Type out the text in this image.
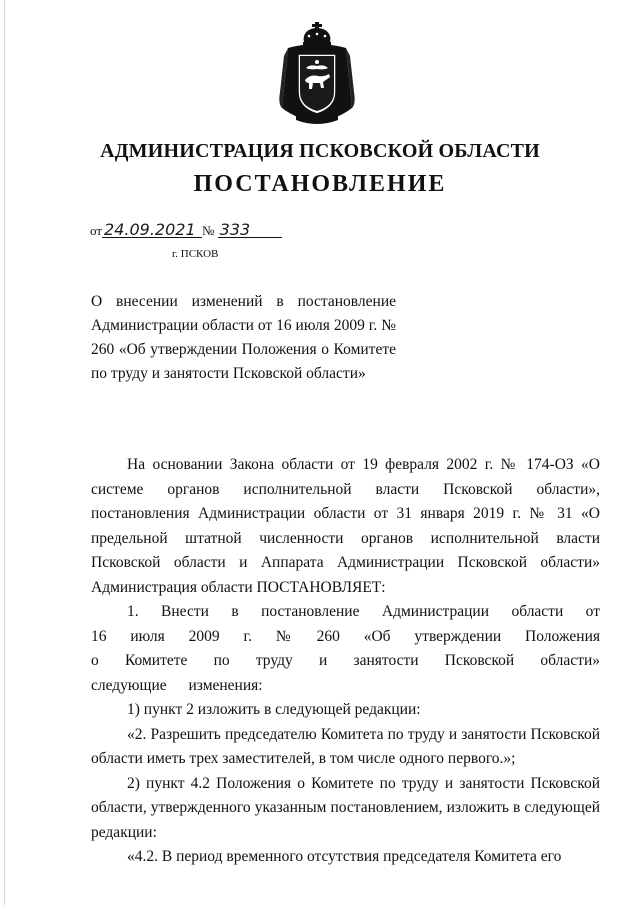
АДМИНИСТРАЦИЯ ПСКОВСКОЙ ОБЛАСТИ
ПОСТАНОВЛЕНИЕ
от 24.09.2021 № 333
г. ПСКОВ
О внесении изменений в постановление Администрации области от 16 июля 2009 г. № 260 «Об утверждении Положения о Комитете по труду и занятости Псковской области»

На основании Закона области от 19 февраля 2002 г. № 174-ОЗ «О системе органов исполнительной власти Псковской области», постановления Администрации области от 31 января 2019 г. № 31 «О предельной штатной численности органов исполнительной власти Псковской области и Аппарата Администрации Псковской области» Администрация области ПОСТАНОВЛЯЕТ:

1. Внести в постановление Администрации области от 16 июля 2009 г. № 260 «Об утверждении Положения о Комитете по труду и занятости Псковской области» следующие изменения:

1) пункт 2 изложить в следующей редакции:

«2. Разрешить председателю Комитета по труду и занятости Псковской области иметь трех заместителей, в том числе одного первого.»;

2) пункт 4.2 Положения о Комитете по труду и занятости Псковской области, утвержденного указанным постановлением, изложить в следующей редакции:

«4.2. В период временного отсутствия председателя Комитета его
